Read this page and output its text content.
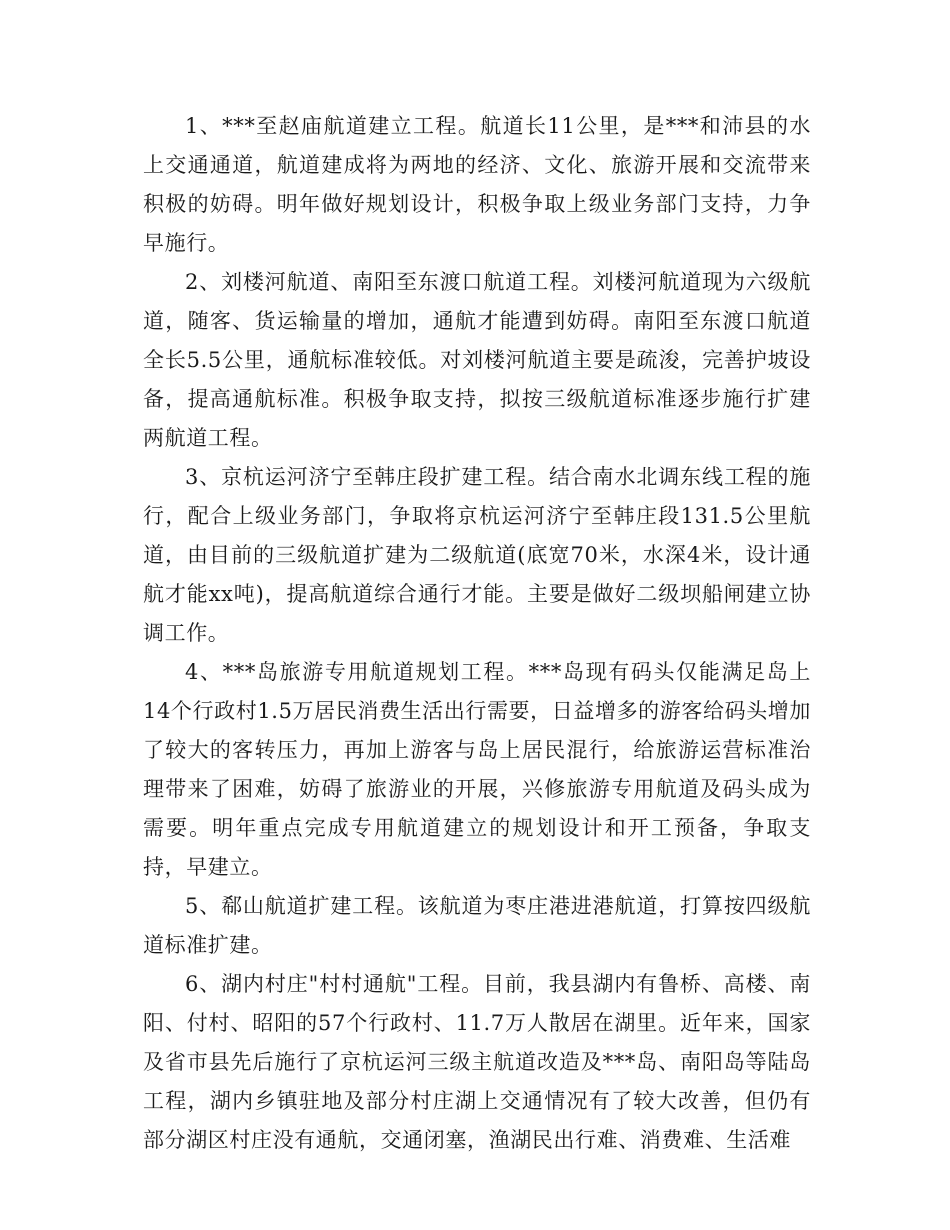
1、***至赵庙航道建立工程。航道长11公里，是***和沛县的水上交通通道，航道建成将为两地的经济、文化、旅游开展和交流带来积极的妨碍。明年做好规划设计，积极争取上级业务部门支持，力争早施行。

2、刘楼河航道、南阳至东渡口航道工程。刘楼河航道现为六级航道，随客、货运输量的增加，通航才能遭到妨碍。南阳至东渡口航道全长5.5公里，通航标准较低。对刘楼河航道主要是疏浚，完善护坡设备，提高通航标准。积极争取支持，拟按三级航道标准逐步施行扩建两航道工程。

3、京杭运河济宁至韩庄段扩建工程。结合南水北调东线工程的施行，配合上级业务部门，争取将京杭运河济宁至韩庄段131.5公里航道，由目前的三级航道扩建为二级航道(底宽70米，水深4米，设计通航才能xx吨)，提高航道综合通行才能。主要是做好二级坝船闸建立协调工作。

4、***岛旅游专用航道规划工程。***岛现有码头仅能满足岛上14个行政村1.5万居民消费生活出行需要，日益增多的游客给码头增加了较大的客转压力，再加上游客与岛上居民混行，给旅游运营标准治理带来了困难，妨碍了旅游业的开展，兴修旅游专用航道及码头成为需要。明年重点完成专用航道建立的规划设计和开工预备，争取支持，早建立。

5、郗山航道扩建工程。该航道为枣庄港进港航道，打算按四级航道标准扩建。

6、湖内村庄"村村通航"工程。目前，我县湖内有鲁桥、高楼、南阳、付村、昭阳的57个行政村、11.7万人散居在湖里。近年来，国家及省市县先后施行了京杭运河三级主航道改造及***岛、南阳岛等陆岛工程，湖内乡镇驻地及部分村庄湖上交通情况有了较大改善，但仍有部分湖区村庄没有通航，交通闭塞，渔湖民出行难、消费难、生活难
